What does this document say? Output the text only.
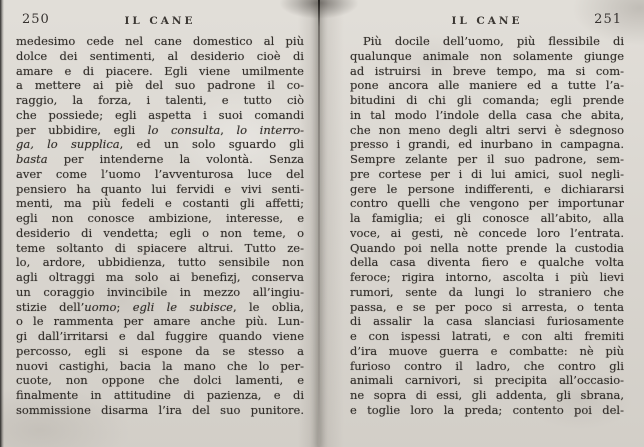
250	IL CANE
medesimo cede nel cane domestico al più
dolce dei sentimenti, al desiderio cioè di
amare e di piacere. Egli viene umilmente
a mettere ai piè del suo padrone il co-
raggio, la forza, i talenti, e tutto ciò
che possiede; egli aspetta i suoi comandi
per ubbidire, egli lo consulta, lo interro-
ga, lo supplica, ed un solo sguardo gli
basta per intenderne la volontà. Senza
aver come l’uomo l’avventurosa luce del
pensiero ha quanto lui fervidi e vivi senti-
menti, ma più fedeli e costanti gli affetti;
egli non conosce ambizione, interesse, e
desiderio di vendetta; egli o non teme, o
teme soltanto di spiacere altrui. Tutto ze-
lo, ardore, ubbidienza, tutto sensibile non
agli oltraggi ma solo ai benefizj, conserva
un coraggio invincibile in mezzo all’ingiu-
stizie dell’uomo; egli le subisce, le oblia,
o le rammenta per amare anche più. Lun-
gi dall’irritarsi e dal fuggire quando viene
percosso, egli si espone da se stesso a
nuovi castighi, bacia la mano che lo per-
cuote, non oppone che dolci lamenti, e
finalmente in attitudine di pazienza, e di
sommissione disarma l’ira del suo punitore.
IL CANE	251
Più docile dell’uomo, più flessibile di
qualunque animale non solamente giunge
ad istruirsi in breve tempo, ma si com-
pone ancora alle maniere ed a tutte l’a-
bitudini di chi gli comanda; egli prende
in tal modo l’indole della casa che abita,
che non meno degli altri servi è sdegnoso
presso i grandi, ed inurbano in campagna.
Sempre zelante per il suo padrone, sem-
pre cortese per i di lui amici, suol negli-
gere le persone indifferenti, e dichiararsi
contro quelli che vengono per importunar
la famiglia; ei gli conosce all’abito, alla
voce, ai gesti, nè concede loro l’entrata.
Quando poi nella notte prende la custodia
della casa diventa fiero e qualche volta
feroce; rigira intorno, ascolta i più lievi
rumori, sente da lungi lo straniero che
passa, e se per poco si arresta, o tenta
di assalir la casa slanciasi furiosamente
e con ispessi latrati, e con alti fremiti
d’ira muove guerra e combatte: nè più
furioso contro il ladro, che contro gli
animali carnivori, si precipita all’occasio-
ne sopra di essi, gli addenta, gli sbrana,
e toglie loro la preda; contento poi del-
